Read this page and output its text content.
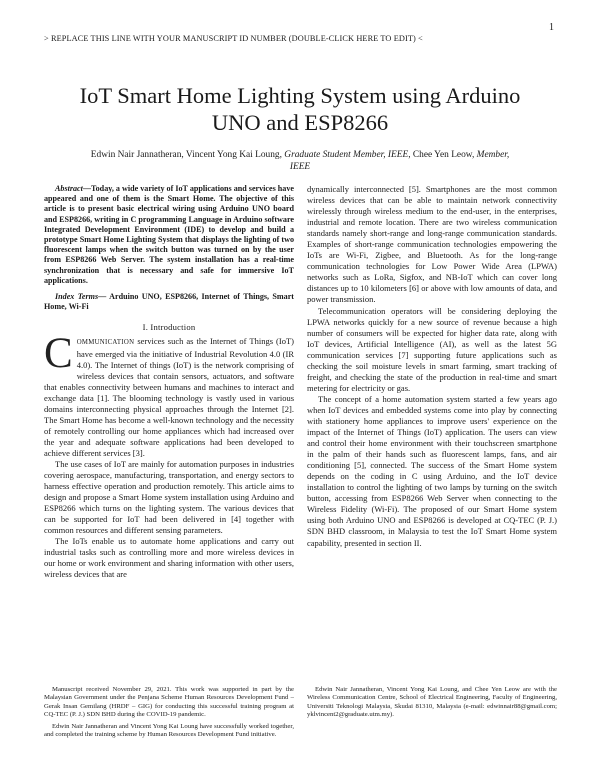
1
> REPLACE THIS LINE WITH YOUR MANUSCRIPT ID NUMBER (DOUBLE-CLICK HERE TO EDIT) <
IoT Smart Home Lighting System using Arduino
UNO and ESP8266
Edwin Nair Jannatheran, Vincent Yong Kai Loung, Graduate Student Member, IEEE, Chee Yen Leow, Member,
IEEE

Abstract—Today, a wide variety of IoT applications and services have appeared and one of them is the Smart Home. The objective of this article is to present basic electrical wiring using Arduino UNO board and ESP8266, writing in C programming Language in Arduino software Integrated Development Environment (IDE) to develop and build a prototype Smart Home Lighting System that displays the lighting of two fluorescent lamps when the switch button was turned on by the user from ESP8266 Web Server. The system installation has a real-time synchronization that is necessary and safe for immersive IoT applications.

Index Terms— Arduino UNO, ESP8266, Internet of Things, Smart Home, Wi-Fi

I. Introduction

COMMUNICATION services such as the Internet of Things (IoT) have emerged via the initiative of Industrial Revolution 4.0 (IR 4.0). The Internet of things (IoT) is the network comprising of wireless devices that contain sensors, actuators, and software that enables connectivity between humans and machines to interact and exchange data [1]. The blooming technology is vastly used in various domains interconnecting physical approaches through the Internet [2]. The Smart Home has become a well-known technology and the necessity of remotely controlling our home appliances which had increased over the year and adequate software applications had been developed to achieve different services [3].

The use cases of IoT are mainly for automation purposes in industries covering aerospace, manufacturing, transportation, and energy sectors to harness effective operation and production remotely. This article aims to design and propose a Smart Home system installation using Arduino and ESP8266 which turns on the lighting system. The various devices that can be supported for IoT had been delivered in [4] together with common resources and different sensing parameters.

The IoTs enable us to automate home applications and carry out industrial tasks such as controlling more and more wireless devices in our home or work environment and sharing information with other users, wireless devices that are

dynamically interconnected [5]. Smartphones are the most common wireless devices that can be able to maintain network connectivity wirelessly through wireless medium to the end-user, in the enterprises, industrial and remote location. There are two wireless communication standards namely short-range and long-range communication standards. Examples of short-range communication technologies empowering the IoTs are Wi-Fi, Zigbee, and Bluetooth. As for the long-range communication technologies for Low Power Wide Area (LPWA) networks such as LoRa, Sigfox, and NB-IoT which can cover long distances up to 10 kilometers [6] or above with low amounts of data, and power transmission.

Telecommunication operators will be considering deploying the LPWA networks quickly for a new source of revenue because a high number of consumers will be expected for higher data rate, along with IoT devices, Artificial Intelligence (AI), as well as the latest 5G communication services [7] supporting future applications such as checking the soil moisture levels in smart farming, smart tracking of freight, and checking the state of the production in real-time and smart metering for electricity or gas.

The concept of a home automation system started a few years ago when IoT devices and embedded systems come into play by connecting with stationery home appliances to improve users' experience on the impact of the Internet of Things (IoT) application. The users can view and control their home environment with their touchscreen smartphone in the palm of their hands such as fluorescent lamps, fans, and air conditioning [5], connected. The success of the Smart Home system depends on the coding in C using Arduino, and the IoT device installation to control the lighting of two lamps by turning on the switch button, accessing from ESP8266 Web Server when connecting to the Wireless Fidelity (Wi-Fi). The proposed of our Smart Home system using both Arduino UNO and ESP8266 is developed at CQ-TEC (P. J.) SDN BHD classroom, in Malaysia to test the IoT Smart Home system capability, presented in section II.

Manuscript received November 29, 2021. This work was supported in part by the Malaysian Government under the Penjana Scheme Human Resources Development Fund – Gerak Insan Gemilang (HRDF – GIG) for conducting this successful training program at CQ-TEC (P. J.) SDN BHD during the COVID-19 pandemic.

Edwin Nair Jannatheran and Vincent Yong Kai Loung have successfully worked together, and completed the training scheme by Human Resources Development Fund initiative.

Edwin Nair Jannatheran, Vincent Yong Kai Loung, and Chee Yen Leow are with the Wireless Communication Centre, School of Electrical Engineering, Faculty of Engineering, Universiti Teknologi Malaysia, Skudai 81310, Malaysia (e-mail: edwinnair88@gmail.com; yklvincent2@graduate.utm.my).
